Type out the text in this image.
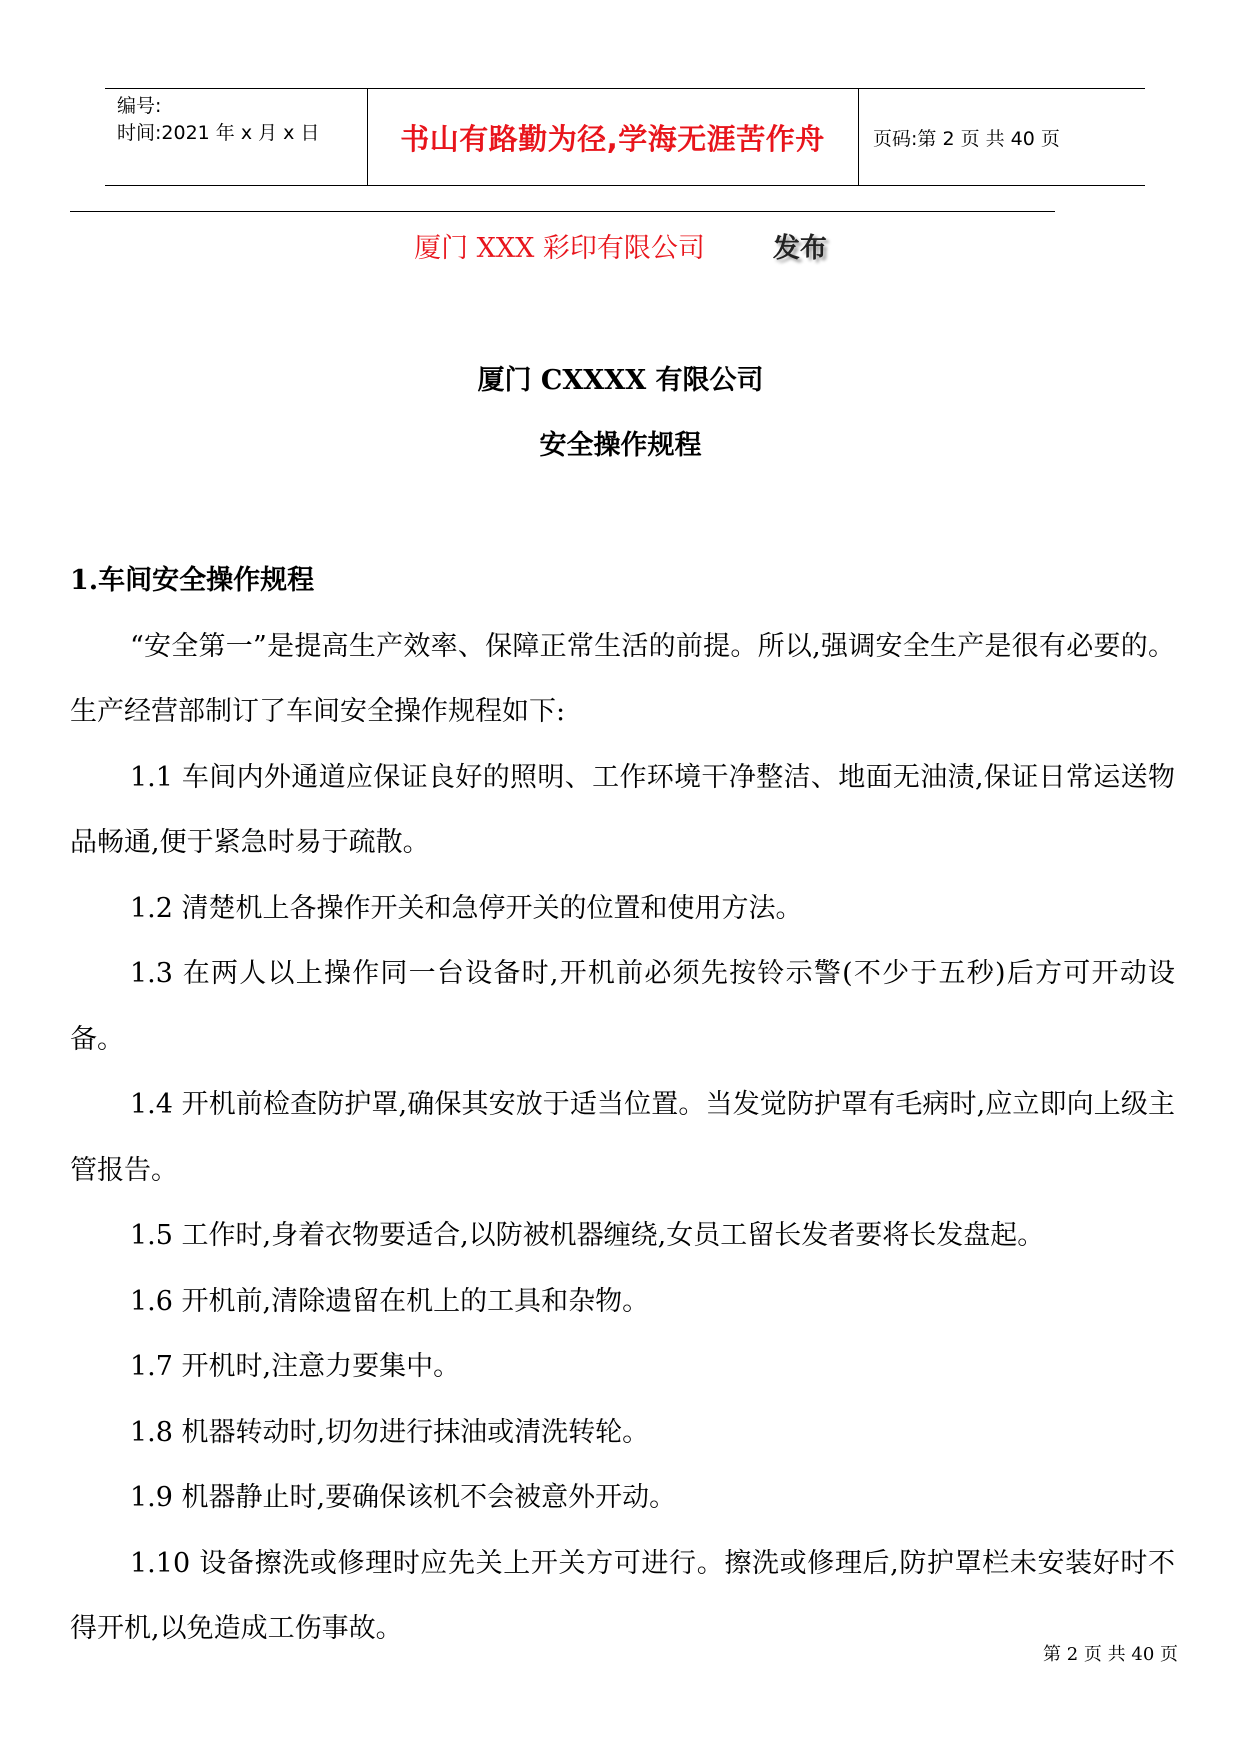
编号:
时间:2021 年 x 月 x 日	书山有路勤为径,学海无涯苦作舟	页码:第 2 页 共 40 页
厦门 XXX 彩印有限公司	发布
厦门 CXXXX 有限公司
安全操作规程

1.车间安全操作规程

“安全第一”是提高生产效率、保障正常生活的前提。所以,强调安全生产是很有必要的。生产经营部制订了车间安全操作规程如下:

1.1 车间内外通道应保证良好的照明、工作环境干净整洁、地面无油渍,保证日常运送物品畅通,便于紧急时易于疏散。

1.2 清楚机上各操作开关和急停开关的位置和使用方法。

1.3 在两人以上操作同一台设备时,开机前必须先按铃示警(不少于五秒)后方可开动设备。

1.4 开机前检查防护罩,确保其安放于适当位置。当发觉防护罩有毛病时,应立即向上级主管报告。

1.5 工作时,身着衣物要适合,以防被机器缠绕,女员工留长发者要将长发盘起。

1.6 开机前,清除遗留在机上的工具和杂物。

1.7 开机时,注意力要集中。

1.8 机器转动时,切勿进行抹油或清洗转轮。

1.9 机器静止时,要确保该机不会被意外开动。

1.10 设备擦洗或修理时应先关上开关方可进行。擦洗或修理后,防护罩栏未安装好时不得开机,以免造成工伤事故。

第 2 页 共 40 页
